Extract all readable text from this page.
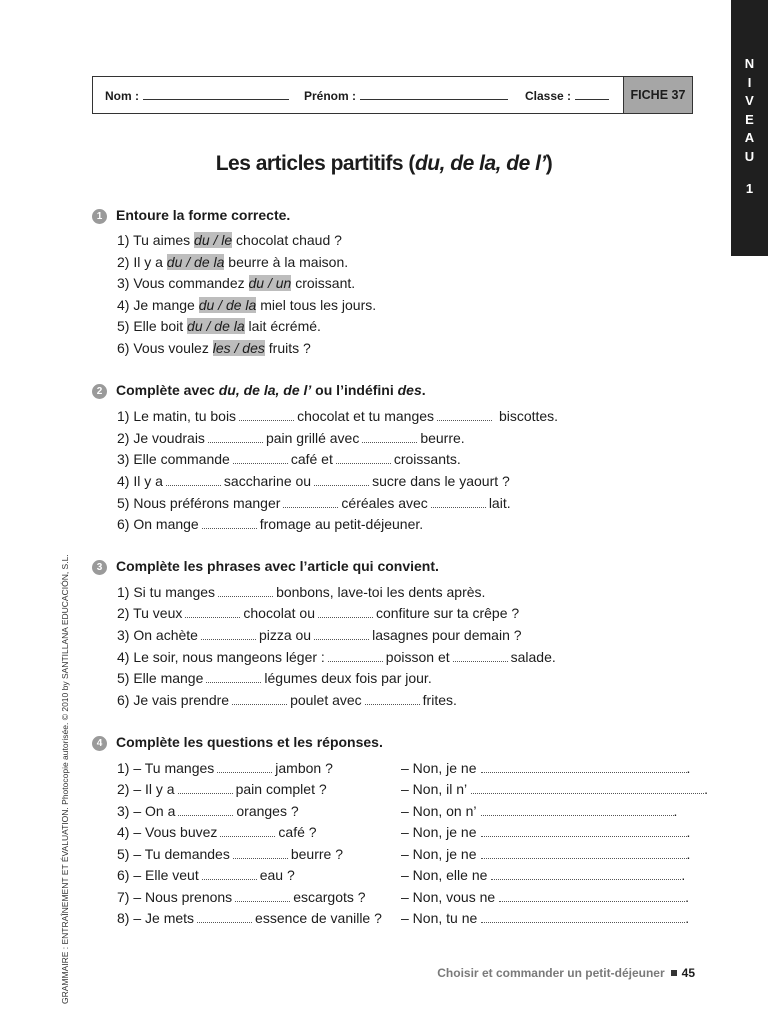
N
I
V
E
A
U
1
Nom :	Prénom :	Classe :	FICHE 37
Les articles partitifs (du, de la, de l’)
1 Entoure la forme correcte.
1) Tu aimes du / le chocolat chaud ?
2) Il y a du / de la beurre à la maison.
3) Vous commandez du / un croissant.
4) Je mange du / de la miel tous les jours.
5) Elle boit du / de la lait écrémé.
6) Vous voulez les / des fruits ?
2 Complète avec du, de la, de l’ ou l’indéfini des.
1) Le matin, tu bois	chocolat et tu manges	biscottes.
2) Je voudrais	pain grillé avec	beurre.
3) Elle commande	café et	croissants.
4) Il y a	saccharine ou	sucre dans le yaourt ?
5) Nous préférons manger	céréales avec	lait.
6) On mange	fromage au petit-déjeuner.
3 Complète les phrases avec l’article qui convient.
1) Si tu manges	bonbons, lave-toi les dents après.
2) Tu veux	chocolat ou	confiture sur ta crêpe ?
3) On achète	pizza ou	lasagnes pour demain ?
4) Le soir, nous mangeons léger :	poisson et	salade.
5) Elle mange	légumes deux fois par jour.
6) Je vais prendre	poulet avec	frites.
4 Complète les questions et les réponses.
1) – Tu manges	jambon ?	– Non, je ne	.
2) – Il y a	pain complet ?	– Non, il n’	.
3) – On a	oranges ?	– Non, on n’	.
4) – Vous buvez	café ?	– Non, je ne	.
5) – Tu demandes	beurre ?	– Non, je ne	.
6) – Elle veut	eau ?	– Non, elle ne	.
7) – Nous prenons	escargots ?	– Non, vous ne	.
8) – Je mets	essence de vanille ? – Non, tu ne	.
GRAMMAIRE : ENTRAÎNEMENT ET ÉVALUATION. Photocopie autorisée. © 2010 by SANTILLANA EDUCACIÓN, S.L.	Choisir et commander un petit-déjeuner 45
